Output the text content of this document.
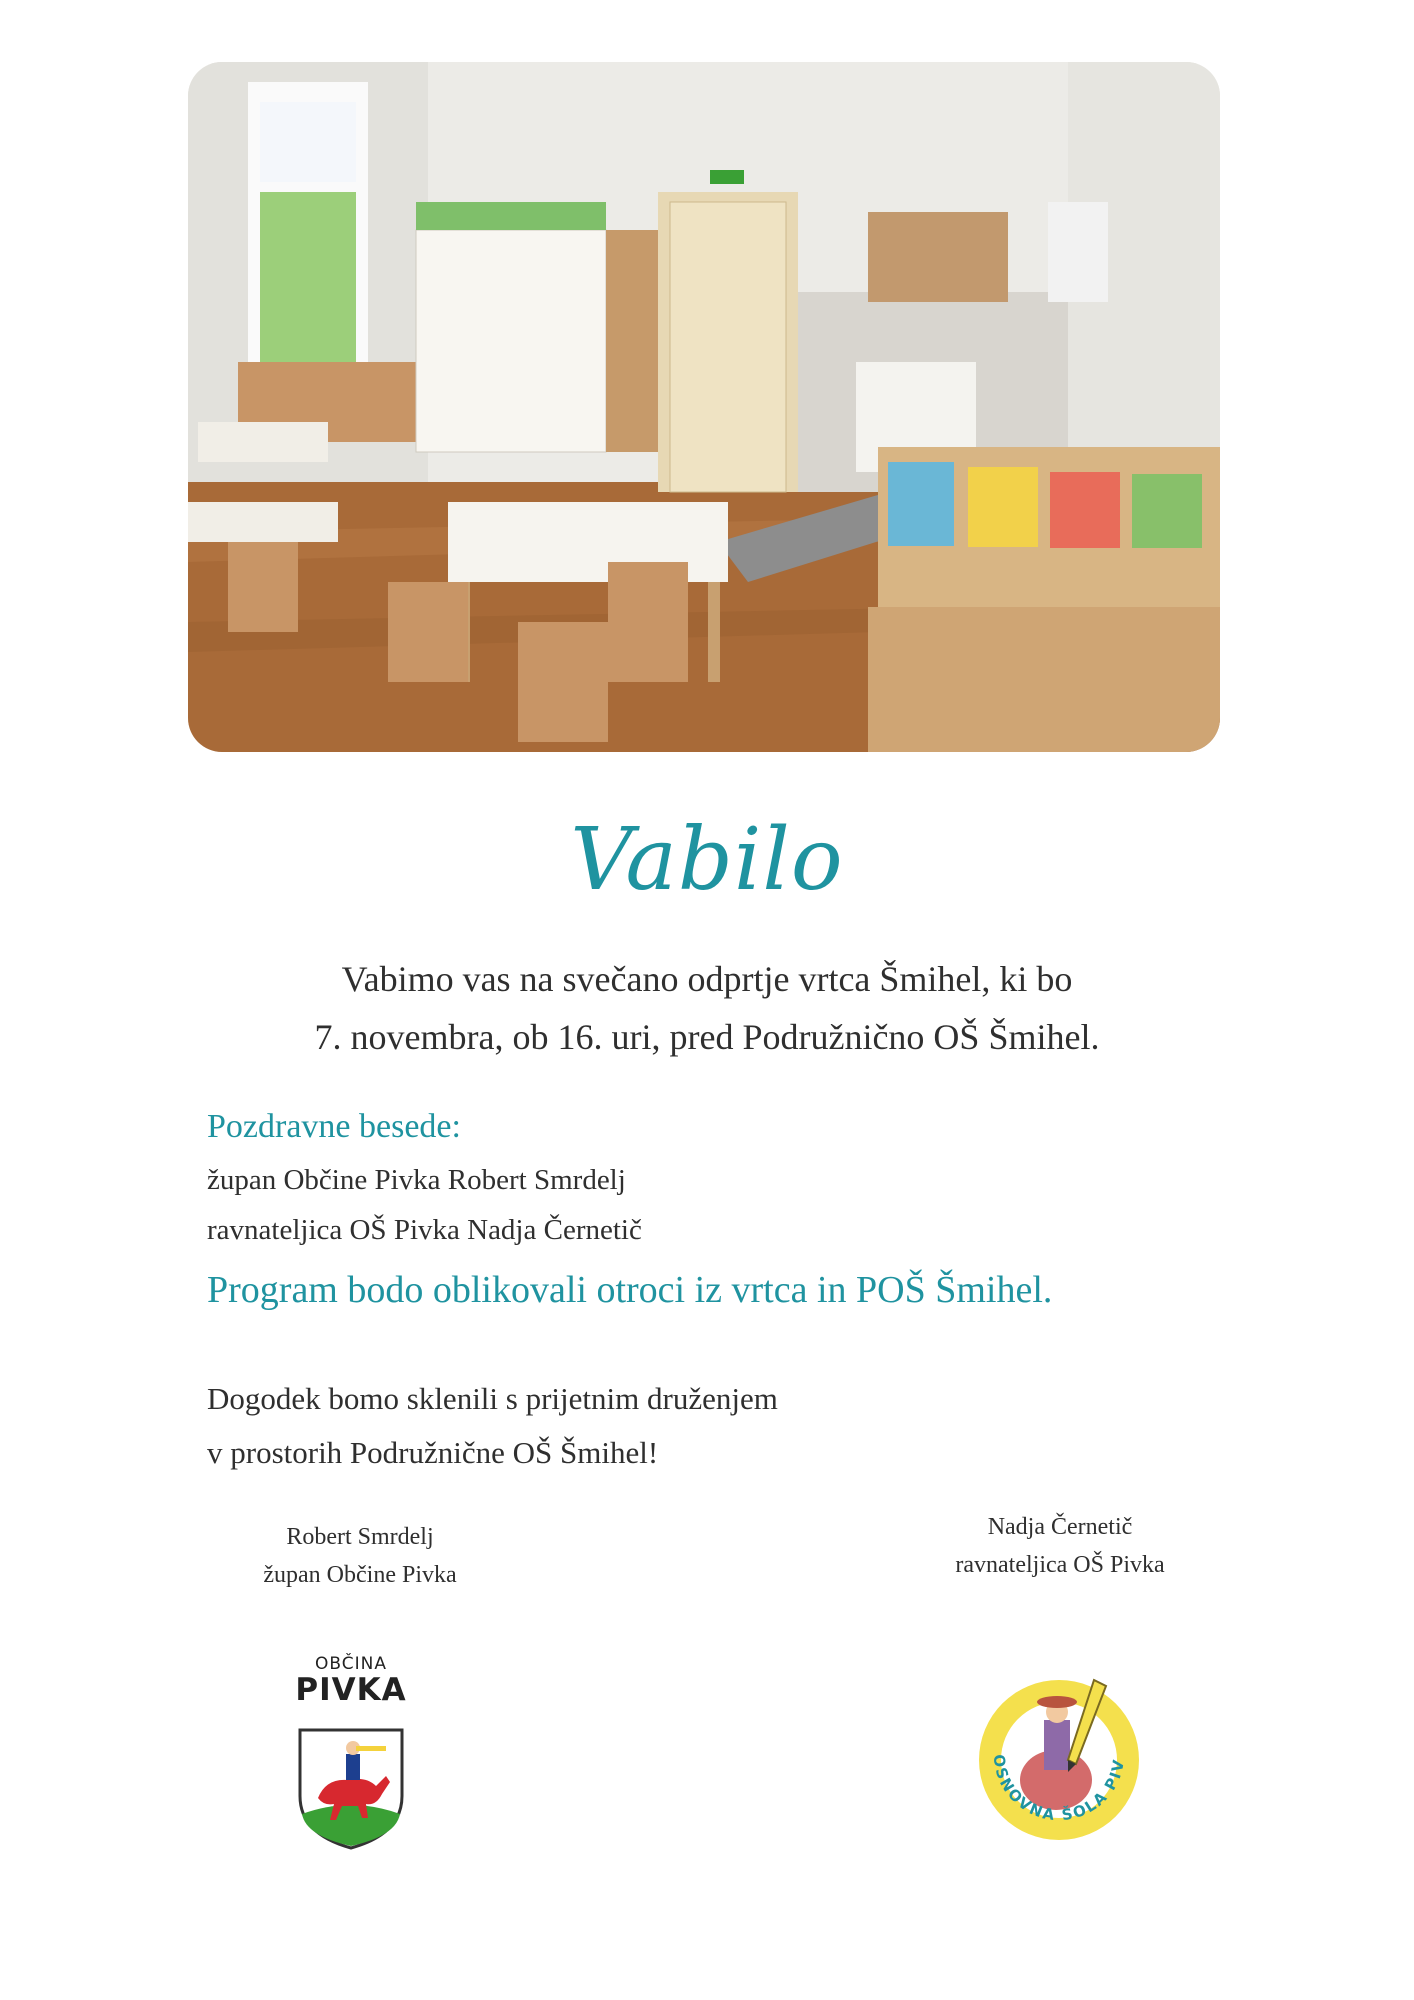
Vabilo
Vabimo vas na svečano odprtje vrtca Šmihel, ki bo
7. novembra, ob 16. uri, pred Podružnično OŠ Šmihel.
Pozdravne besede:
župan Občine Pivka Robert Smrdelj
ravnateljica OŠ Pivka Nadja Černetič
Program bodo oblikovali otroci iz vrtca in POŠ Šmihel.
Dogodek bomo sklenili s prijetnim druženjem
v prostorih Podružnične OŠ Šmihel!
Robert Smrdelj
župan Občine Pivka
Nadja Černetič
ravnateljica OŠ Pivka
OBČINA
PIVKA
OSNOVNA ŠOLA PIV
